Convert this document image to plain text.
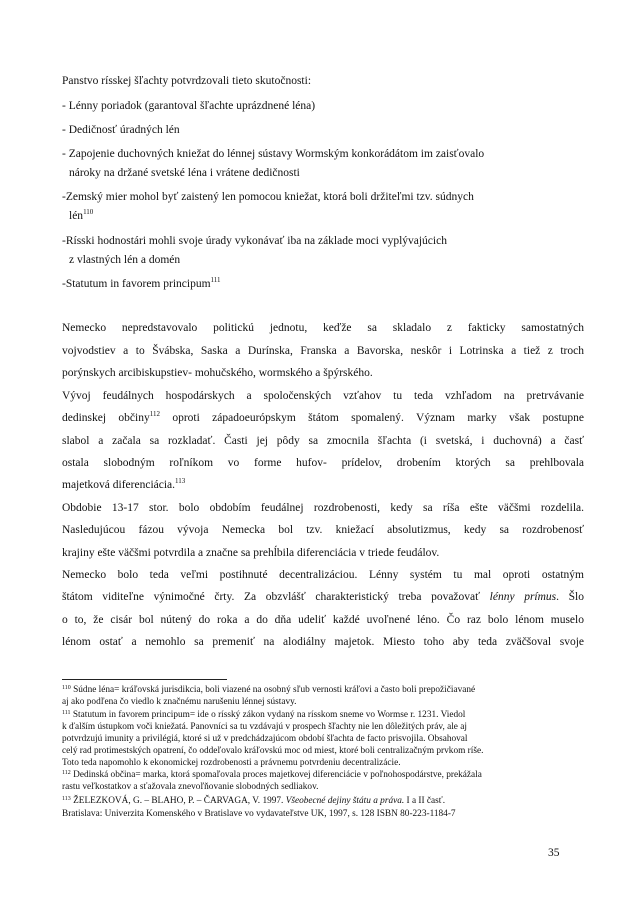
Panstvo rísskej šľachty potvrdzovali tieto skutočnosti:
- Lénny poriadok (garantoval šľachte uprázdnené léna)
- Dedičnosť úradných lén
- Zapojenie duchovných kniežat do lénnej sústavy Wormským konkorádátom im zaisťovalo
nároky na držané svetské léna i vrátene dedičnosti
-Zemský mier mohol byť zaistený len pomocou kniežat, ktorá boli držiteľmi tzv. súdnych
lén$^{110}$
-Rísski hodnostári mohli svoje úrady vykonávať iba na základe moci vyplývajúcich
z vlastných lén a domén
-Statutum in favorem principum$^{111}$
Nemecko nepredstavovalo politickú jednotu, keďže sa skladalo z fakticky samostatných
vojvodstiev a to Švábska, Saska a Durínska, Franska a Bavorska, neskôr i Lotrinska a tiež z troch
porýnskych arcibiskupstiev- mohučského, wormského a špýrského.
Vývoj feudálnych hospodárskych a spoločenských vzťahov tu teda vzhľadom na pretrvávanie
dedinskej občiny$^{112}$ oproti západoeurópskym štátom spomalený. Význam marky však postupne
slabol a začala sa rozkladať. Časti jej pôdy sa zmocnila šľachta (i svetská, i duchovná) a časť
ostala slobodným roľníkom vo forme hufov- prídelov, drobením ktorých sa prehlbovala
majetková diferenciácia.$^{113}$
Obdobie 13-17 stor. bolo obdobím feudálnej rozdrobenosti, kedy sa ríša ešte väčšmi rozdelila.
Nasledujúcou fázou vývoja Nemecka bol tzv. kniežací absolutizmus, kedy sa rozdrobenosť
krajiny ešte väčšmi potvrdila a značne sa prehĺbila diferenciácia v triede feudálov.
Nemecko bolo teda veľmi postihnuté decentralizáciou. Lénny systém tu mal oproti ostatným
štátom viditeľne výnimočné črty. Za obzvlášť charakteristický treba považovať lénny prímus. Šlo
o to, že cisár bol nútený do roka a do dňa udeliť každé uvoľnené léno. Čo raz bolo lénom muselo
lénom ostať a nemohlo sa premeniť na alodiálny majetok. Miesto toho aby teda zväčšoval svoje
$^{110}$ Súdne léna= kráľovská jurisdikcia, boli viazené na osobný sľub vernosti kráľovi a často boli prepožičiavané
aj ako podľena čo viedlo k značnému narušeniu lénnej sústavy.
$^{111}$ Statutum in favorem principum= ide o rísský zákon vydaný na rísskom sneme vo Wormse r. 1231. Viedol
k ďalším ústupkom voči kniežatá. Panovníci sa tu vzdávajú v prospech šľachty nie len dôležitých práv, ale aj
potvrdzujú imunity a privilégiá, ktoré si už v predchádzajúcom období šľachta de facto prisvojila. Obsahoval
celý rad protimestských opatrení, čo oddeľovalo kráľovskú moc od miest, ktoré boli centralizačným prvkom ríše.
Toto teda napomohlo k ekonomickej rozdrobenosti a právnemu potvrdeniu decentralizácie.
$^{112}$ Dedinská občina= marka, ktorá spomaľovala proces majetkovej diferenciácie v poľnohospodárstve, prekážala
rastu veľkostatkov a sťažovala znevoľňovanie slobodných sedliakov.
$^{113}$ ŽELEZKOVÁ, G. – BLAHO, P. – ČARVAGA, V. 1997. Všeobecné dejiny štátu a práva. I a II časť.
Bratislava: Univerzita Komenského v Bratislave vo vydavateľstve UK, 1997, s. 128 ISBN 80-223-1184-7
35
